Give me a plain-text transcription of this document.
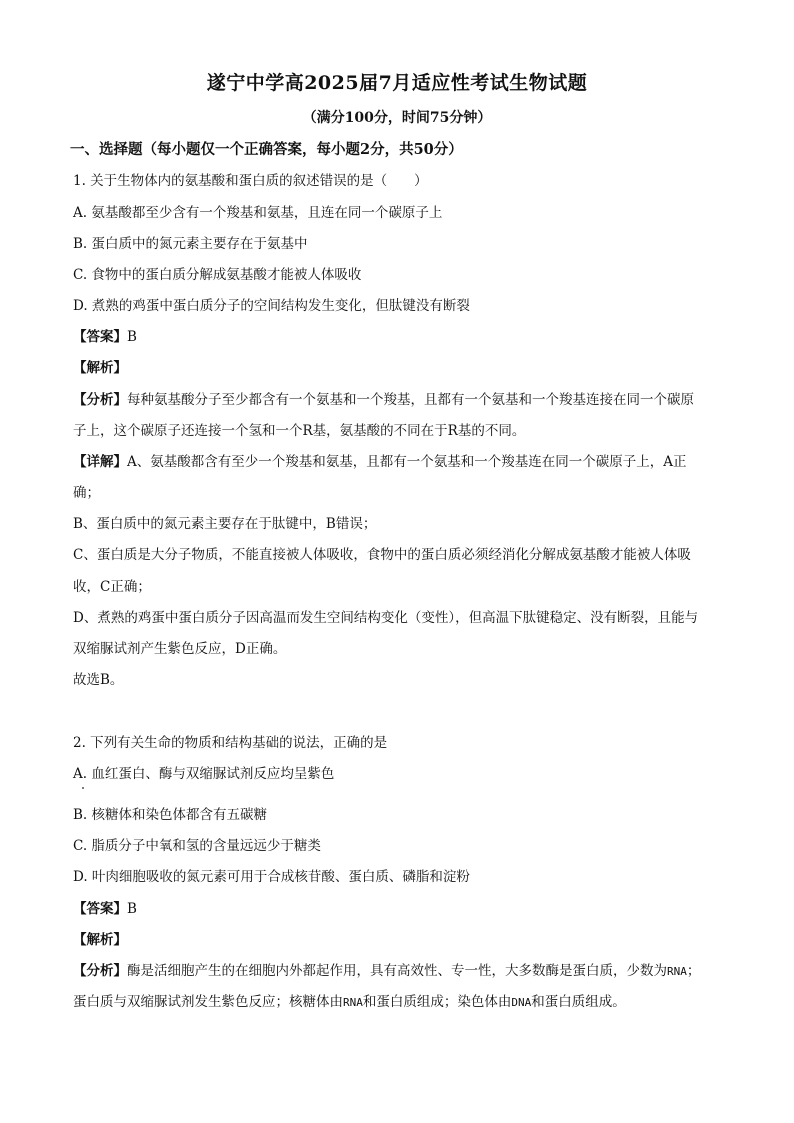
遂宁中学高2025届7月适应性考试生物试题
（满分100分，时间75分钟）
一、选择题（每小题仅一个正确答案，每小题2分，共50分）
1. 关于生物体内的氨基酸和蛋白质的叙述错误的是（　　）
A. 氨基酸都至少含有一个羧基和氨基，且连在同一个碳原子上
B. 蛋白质中的氮元素主要存在于氨基中
C. 食物中的蛋白质分解成氨基酸才能被人体吸收
D. 煮熟的鸡蛋中蛋白质分子的空间结构发生变化，但肽键没有断裂
【答案】B
【解析】
【分析】每种氨基酸分子至少都含有一个氨基和一个羧基，且都有一个氨基和一个羧基连接在同一个碳原
子上，这个碳原子还连接一个氢和一个R基，氨基酸的不同在于R基的不同。
【详解】A、氨基酸都含有至少一个羧基和氨基，且都有一个氨基和一个羧基连在同一个碳原子上，A正
确；
B、蛋白质中的氮元素主要存在于肽键中，B错误；
C、蛋白质是大分子物质，不能直接被人体吸收，食物中的蛋白质必须经消化分解成氨基酸才能被人体吸
收，C正确；
D、煮熟的鸡蛋中蛋白质分子因高温而发生空间结构变化（变性），但高温下肽键稳定、没有断裂，且能与
双缩脲试剂产生紫色反应，D正确。
故选B。
2. 下列有关生命的物质和结构基础的说法，正确的是
A. 血红蛋白、酶与双缩脲试剂反应均呈紫色
B. 核糖体和染色体都含有五碳糖
C. 脂质分子中氧和氢的含量远远少于糖类
D. 叶肉细胞吸收的氮元素可用于合成核苷酸、蛋白质、磷脂和淀粉
【答案】B
【解析】
【分析】酶是活细胞产生的在细胞内外都起作用，具有高效性、专一性，大多数酶是蛋白质，少数为RNA；
蛋白质与双缩脲试剂发生紫色反应；核糖体由RNA和蛋白质组成；染色体由DNA和蛋白质组成。
